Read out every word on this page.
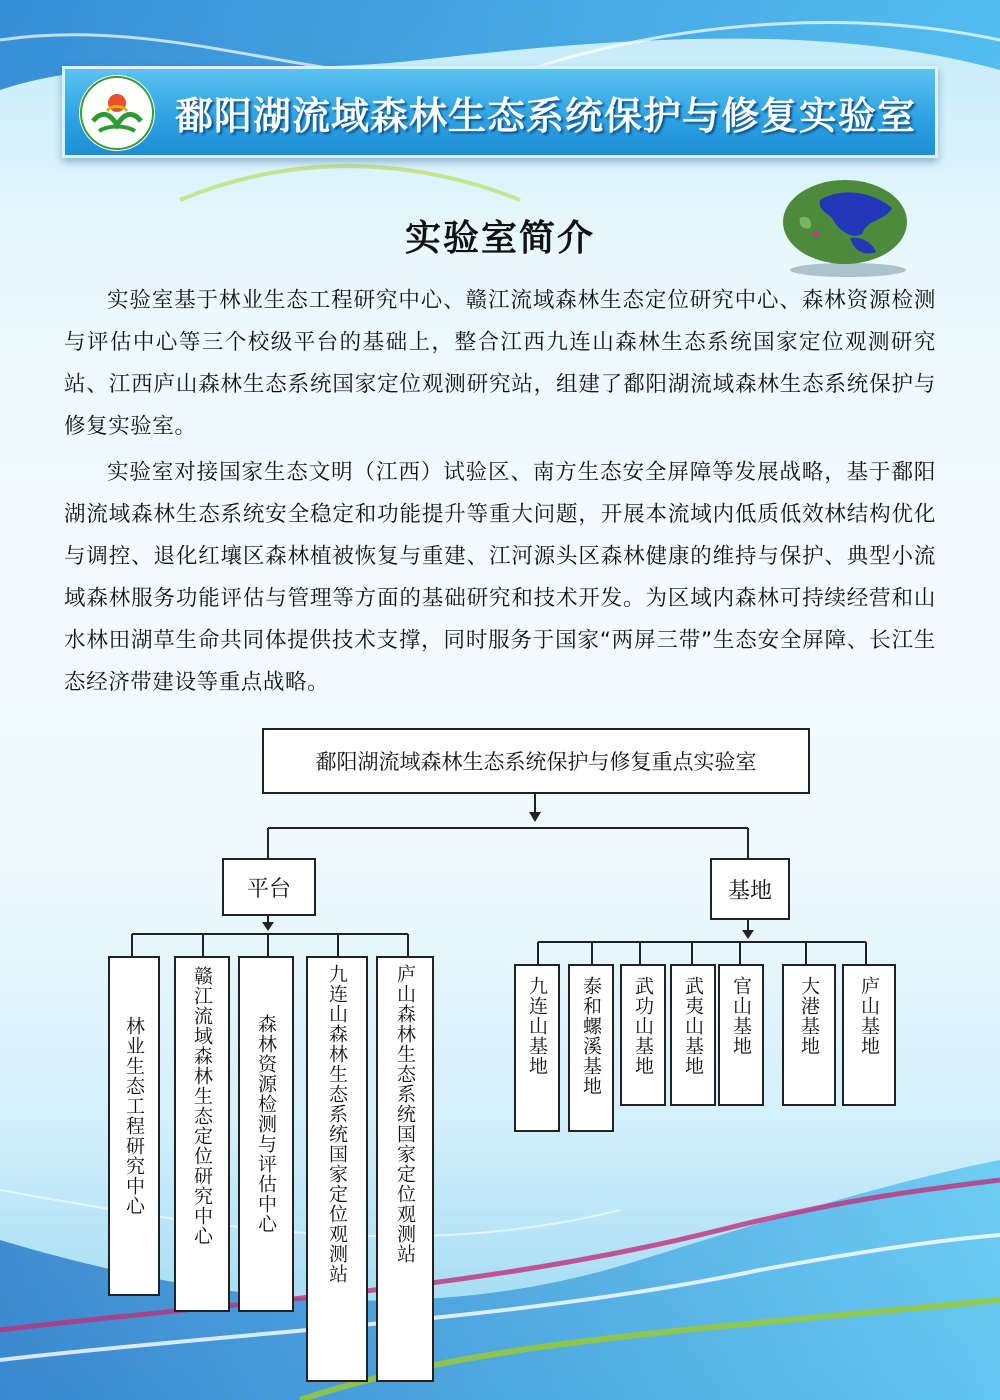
鄱阳湖流域森林生态系统保护与修复实验室
实验室简介
实验室基于林业生态工程研究中心、赣江流域森林生态定位研究中心、森林资源检测与评估中心等三个校级平台的基础上，整合江西九连山森林生态系统国家定位观测研究站、江西庐山森林生态系统国家定位观测研究站，组建了鄱阳湖流域森林生态系统保护与修复实验室。
实验室对接国家生态文明（江西）试验区、南方生态安全屏障等发展战略，基于鄱阳湖流域森林生态系统安全稳定和功能提升等重大问题，开展本流域内低质低效林结构优化与调控、退化红壤区森林植被恢复与重建、江河源头区森林健康的维持与保护、典型小流域森林服务功能评估与管理等方面的基础研究和技术开发。为区域内森林可持续经营和山水林田湖草生命共同体提供技术支撑，同时服务于国家“两屏三带”生态安全屏障、长江生态经济带建设等重点战略。
鄱阳湖流域森林生态系统保护与修复重点实验室
平台	基地
林业生态工程研究中心 赣江流域森林生态定位研究中心 森林资源检测与评估中心	九连山森林生态系统国家定位观测站 庐山森林生态系统国家定位观测站	九连山基地 泰和螺溪基地 武功山基地 武夷山基地 官山基地 大港基地 庐山基地
